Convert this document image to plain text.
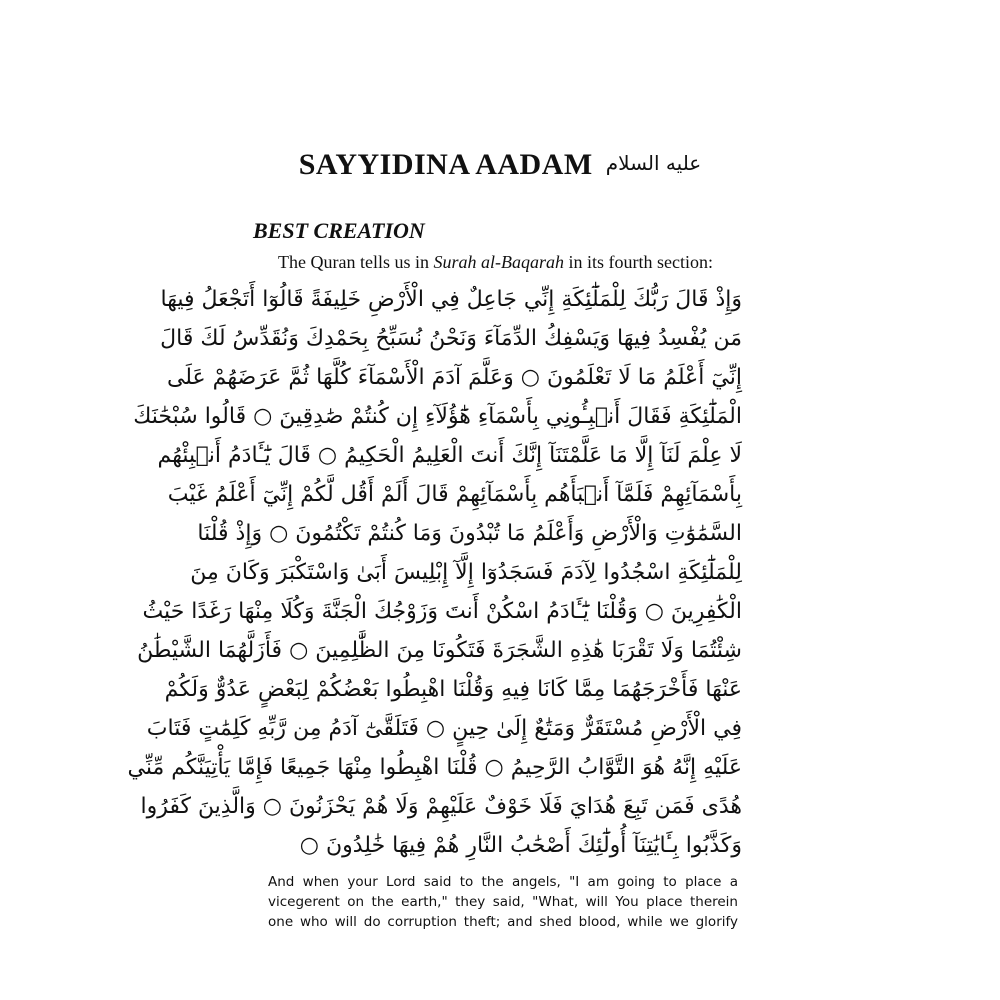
SAYYIDINA AADAM عليه السلام
BEST CREATION
The Quran tells us in Surah al-Baqarah in its fourth section:
وَإِذْ قَالَ رَبُّكَ لِلْمَلَٰٓئِكَةِ إِنِّي جَاعِلٌ فِي الْأَرْضِ خَلِيفَةً قَالُوٓا أَتَجْعَلُ فِيهَا
مَن يُفْسِدُ فِيهَا وَيَسْفِكُ الدِّمَآءَ وَنَحْنُ نُسَبِّحُ بِحَمْدِكَ وَنُقَدِّسُ لَكَ قَالَ
إِنِّيٓ أَعْلَمُ مَا لَا تَعْلَمُونَ ○ وَعَلَّمَ آدَمَ الْأَسْمَآءَ كُلَّهَا ثُمَّ عَرَضَهُمْ عَلَى
الْمَلَٰٓئِكَةِ فَقَالَ أَنۢبِـُٔونِي بِأَسْمَآءِ هَٰٓؤُلَآءِ إِن كُنتُمْ صَٰدِقِينَ ○ قَالُوا سُبْحَٰنَكَ
لَا عِلْمَ لَنَآ إِلَّا مَا عَلَّمْتَنَآ إِنَّكَ أَنتَ الْعَلِيمُ الْحَكِيمُ ○ قَالَ يَٰٓـَٔادَمُ أَنۢبِئْهُم
بِأَسْمَآئِهِمْ فَلَمَّآ أَنۢبَأَهُم بِأَسْمَآئِهِمْ قَالَ أَلَمْ أَقُل لَّكُمْ إِنِّيٓ أَعْلَمُ غَيْبَ
السَّمَٰوَٰتِ وَالْأَرْضِ وَأَعْلَمُ مَا تُبْدُونَ وَمَا كُنتُمْ تَكْتُمُونَ ○ وَإِذْ قُلْنَا
لِلْمَلَٰٓئِكَةِ اسْجُدُوا لِآدَمَ فَسَجَدُوٓا إِلَّآ إِبْلِيسَ أَبَىٰ وَاسْتَكْبَرَ وَكَانَ مِنَ
الْكَٰفِرِينَ ○ وَقُلْنَا يَٰٓـَٔادَمُ اسْكُنْ أَنتَ وَزَوْجُكَ الْجَنَّةَ وَكُلَا مِنْهَا رَغَدًا حَيْثُ
شِئْتُمَا وَلَا تَقْرَبَا هَٰذِهِ الشَّجَرَةَ فَتَكُونَا مِنَ الظَّٰلِمِينَ ○ فَأَزَلَّهُمَا الشَّيْطَٰنُ
عَنْهَا فَأَخْرَجَهُمَا مِمَّا كَانَا فِيهِ وَقُلْنَا اهْبِطُوا بَعْضُكُمْ لِبَعْضٍ عَدُوٌّ وَلَكُمْ
فِي الْأَرْضِ مُسْتَقَرٌّ وَمَتَٰعٌ إِلَىٰ حِينٍ ○ فَتَلَقَّىٰٓ آدَمُ مِن رَّبِّهِ كَلِمَٰتٍ فَتَابَ
عَلَيْهِ إِنَّهُ هُوَ التَّوَّابُ الرَّحِيمُ ○ قُلْنَا اهْبِطُوا مِنْهَا جَمِيعًا فَإِمَّا يَأْتِيَنَّكُم مِّنِّي
هُدًى فَمَن تَبِعَ هُدَايَ فَلَا خَوْفٌ عَلَيْهِمْ وَلَا هُمْ يَحْزَنُونَ ○ وَالَّذِينَ كَفَرُوا
وَكَذَّبُوا بِـَٔايَٰتِنَآ أُولَٰٓئِكَ أَصْحَٰبُ النَّارِ هُمْ فِيهَا خَٰلِدُونَ ○
And when your Lord said to the angels, "I am going to place a
vicegerent on the earth," they said, "What, will You place therein
one who will do corruption theft; and shed blood, while we glorify
